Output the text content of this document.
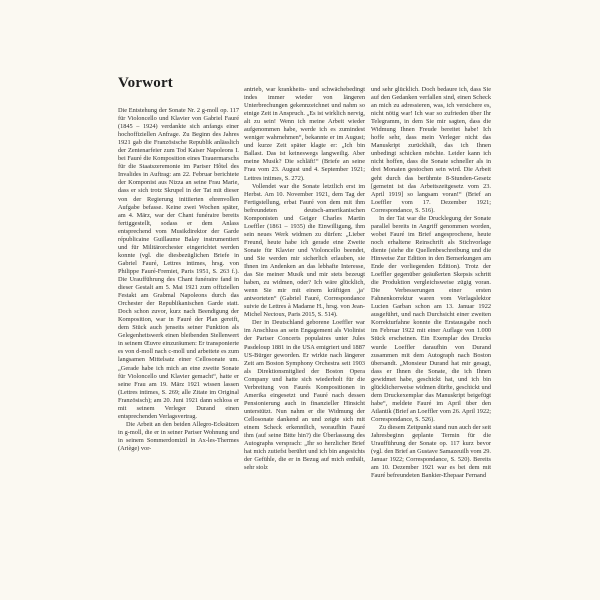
Vorwort

Die Entstehung der Sonate Nr. 2 g-moll op. 117 für Violoncello und Klavier von Gabriel Fauré (1845 – 1924) verdankte sich anfangs einer hochoffiziellen Anfrage. Zu Beginn des Jahres 1921 gab die Französische Republik anlässlich der Zentenarfeier zum Tod Kaiser Napoleons I. bei Fauré die Komposition eines Trauermarschs für die Staatszeremonie im Pariser Hôtel des Invalides in Auftrag: am 22. Februar berichtete der Komponist aus Nizza an seine Frau Marie, dass er sich trotz Skrupel in der Tat mit dieser von der Regierung initiierten ehrenvollen Aufgabe befasse. Keine zwei Wochen später, am 4. März, war der Chant funéraire bereits fertiggestellt, sodass er dem Anlass entsprechend vom Musikdirektor der Garde républicaine Guillaume Balay instrumentiert und für Militärorchester eingerichtet werden konnte (vgl. die diesbezüglichen Briefe in Gabriel Fauré, Lettres intimes, hrsg. von Philippe Fauré-Fremiet, Paris 1951, S. 263 f.). Die Uraufführung des Chant funéraire fand in dieser Gestalt am 5. Mai 1921 zum offiziellen Festakt am Grabmal Napoleons durch das Orchester der Republikanischen Garde statt. Doch schon zuvor, kurz nach Beendigung der Komposition, war in Fauré der Plan gereift, dem Stück auch jenseits seiner Funktion als Gelegenheitswerk einen bleibenden Stellenwert in seinem Œuvre einzuräumen: Er transponierte es von d-moll nach c-moll und arbeitete es zum langsamen Mittelsatz einer Cellosonate um. „Gerade habe ich mich an eine zweite Sonate für Violoncello und Klavier gemacht“, hatte er seine Frau am 19. März 1921 wissen lassen (Lettres intimes, S. 269; alle Zitate im Original Französisch); am 20. Juni 1921 dann schloss er mit seinem Verleger Durand einen entsprechenden Verlagsvertrag.

Die Arbeit an den beiden Allegro-Ecksätzen in g-moll, die er in seiner Pariser Wohnung und in seinem Sommerdomizil in Ax-les-Thermes (Ariège) vor-

antrieb, war krankheits- und schwächebedingt indes immer wieder von längeren Unterbrechungen gekennzeichnet und nahm so einige Zeit in Anspruch. „Es ist wirklich nervig, alt zu sein! Wenn ich meine Arbeit wieder aufgenommen habe, werde ich es zumindest weniger wahrnehmen“, bekannte er im August; und kurze Zeit später klagte er: „Ich bin Ballast. Das ist keineswegs langweilig. Aber meine Musik? Die schläft!“ (Briefe an seine Frau vom 23. August und 4. September 1921; Lettres intimes, S. 272).

Vollendet war die Sonate letztlich erst im Herbst. Am 10. November 1921, dem Tag der Fertigstellung, erbat Fauré von dem mit ihm befreundeten deutsch-amerikanischen Komponisten und Geiger Charles Martin Loeffler (1861 – 1935) die Einwilligung, ihm sein neues Werk widmen zu dürfen: „Lieber Freund, heute habe ich gerade eine Zweite Sonate für Klavier und Violoncello beendet, und Sie werden mir sicherlich erlauben, sie Ihnen im Andenken an das lebhafte Interesse, das Sie meiner Musik und mir stets bezeugt haben, zu widmen, oder? Ich wäre glücklich, wenn Sie mir mit einem kräftigen ‚ja‘ antworteten“ (Gabriel Fauré, Correspondance suivie de Lettres à Madame H., hrsg. von Jean-Michel Nectoux, Paris 2015, S. 514).

Der in Deutschland geborene Loeffler war im Anschluss an sein Engagement als Violinist der Pariser Concerts populaires unter Jules Pasdeloup 1881 in die USA emigriert und 1887 US-Bürger geworden. Er wirkte nach längerer Zeit am Boston Symphony Orchestra seit 1903 als Direktionsmitglied der Boston Opera Company und hatte sich wiederholt für die Verbreitung von Faurés Kompositionen in Amerika eingesetzt und Fauré nach dessen Pensionierung auch in finanzieller Hinsicht unterstützt. Nun nahm er die Widmung der Cellosonate dankend an und zeigte sich mit einem Scheck erkenntlich, woraufhin Fauré ihm (auf seine Bitte hin?) die Überlassung des Autographs versprach: „Ihr so herzlicher Brief hat mich zutiefst berührt und ich bin angesichts der Gefühle, die er in Bezug auf mich enthält, sehr stolz

und sehr glücklich. Doch bedaure ich, dass Sie auf den Gedanken verfallen sind, einen Scheck an mich zu adressieren, was, ich versichere es, nicht nötig war! Ich war so zufrieden über Ihr Telegramm, in dem Sie mir sagten, dass die Widmung Ihnen Freude bereitet habe! Ich hoffe sehr, dass mein Verleger nicht das Manuskript zurückhält, das ich Ihnen unbedingt schicken möchte. Leider kann ich nicht hoffen, dass die Sonate schneller als in drei Monaten gestochen sein wird. Die Arbeit geht durch das berühmte 8-Stunden-Gesetz [gemeint ist das Arbeitszeitgesetz vom 23. April 1919] so langsam voran!“ (Brief an Loeffler vom 17. Dezember 1921; Correspondance, S. 516).

In der Tat war die Drucklegung der Sonate parallel bereits in Angriff genommen worden, wobei Fauré im Brief angesprochene, heute noch erhaltene Reinschrift als Stichvorlage diente (siehe die Quellenbeschreibung und die Hinweise Zur Edition in den Bemerkungen am Ende der vorliegenden Edition). Trotz der Loeffler gegenüber geäußerten Skepsis schritt die Produktion vergleichsweise zügig voran. Die Verbesserungen einer ersten Fahnenkorrektur waren vom Verlagslektor Lucien Garban schon am 13. Januar 1922 ausgeführt, und nach Durchsicht einer zweiten Korrekturfahne konnte die Erstausgabe noch im Februar 1922 mit einer Auflage von 1.000 Stück erscheinen. Ein Exemplar des Drucks wurde Loeffler daraufhin von Durand zusammen mit dem Autograph nach Boston übersandt. „Monsieur Durand hat mir gesagt, dass er Ihnen die Sonate, die ich Ihnen gewidmet habe, geschickt hat, und ich bin glücklicherweise widmen dürfte, geschickt und dem Druckexemplar das Manuskript beigefügt habe“, meldete Fauré im April über den Atlantik (Brief an Loeffler vom 26. April 1922; Correspondance, S. 526).

Zu diesem Zeitpunkt stand nun auch der seit Jahresbeginn geplante Termin für die Uraufführung der Sonate op. 117 kurz bevor (vgl. den Brief an Gustave Samazeuilh vom 29. Januar 1922; Correspondance, S. 520). Bereits am 10. Dezember 1921 war es bei dem mit Fauré befreundeten Bankier-Ehepaar Fernand
